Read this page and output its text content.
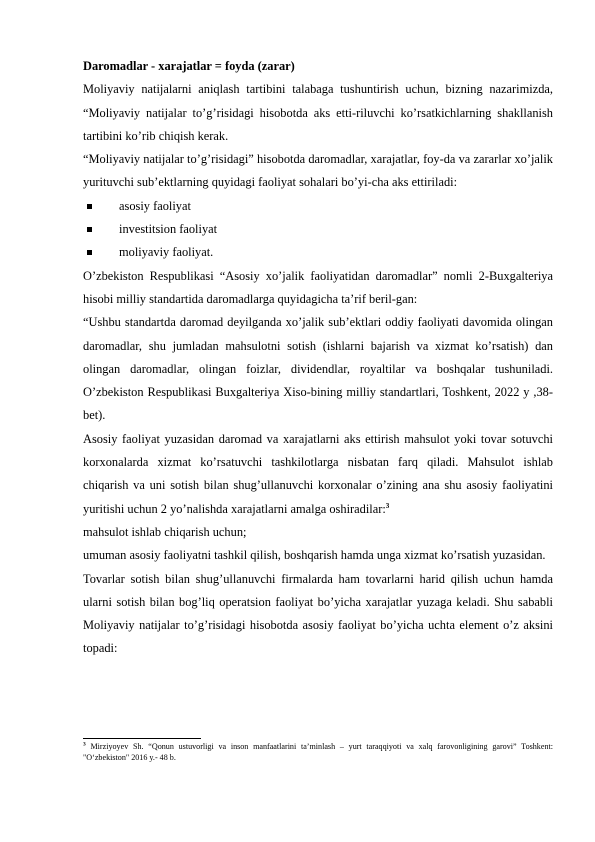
Daromadlar - xarajatlar = foyda (zarar)

Moliyaviy natijalarni aniqlash tartibini talabaga tushuntirish uchun, bizning nazarimizda, “Moliyaviy natijalar to’g’risidagi hisobotda aks etti-riluvchi ko’rsatkichlarning shakllanish tartibini ko’rib chiqish kerak.

“Moliyaviy natijalar to’g’risidagi” hisobotda daromadlar, xarajatlar, foy-da va zararlar xo’jalik yurituvchi sub’ektlarning quyidagi faoliyat sohalari bo’yi-cha aks ettiriladi:

asosiy faoliyat
investitsion faoliyat
moliyaviy faoliyat.

O’zbekiston Respublikasi “Asosiy xo’jalik faoliyatidan daromadlar” nomli 2-Buxgalteriya hisobi milliy standartida daromadlarga quyidagicha ta’rif beril-gan:

“Ushbu standartda daromad deyilganda xo’jalik sub’ektlari oddiy faoliyati davomida olingan daromadlar, shu jumladan mahsulotni sotish (ishlarni bajarish va xizmat ko’rsatish) dan olingan daromadlar, olingan foizlar, dividendlar, royaltilar va boshqalar tushuniladi. O’zbekiston Respublikasi Buxgalteriya Xiso-bining milliy standartlari, Toshkent, 2022 y ,38-bet).

Asosiy faoliyat yuzasidan daromad va xarajatlarni aks ettirish mahsulot yoki tovar sotuvchi korxonalarda xizmat ko’rsatuvchi tashkilotlarga nisbatan farq qiladi. Mahsulot ishlab chiqarish va uni sotish bilan shug’ullanuvchi korxonalar o’zining ana shu asosiy faoliyatini yuritishi uchun 2 yo’nalishda xarajatlarni amalga oshiradilar:$^3$

mahsulot ishlab chiqarish uchun;

umuman asosiy faoliyatni tashkil qilish, boshqarish hamda unga xizmat ko’rsatish yuzasidan.

Tovarlar sotish bilan shug’ullanuvchi firmalarda ham tovarlarni harid qilish uchun hamda ularni sotish bilan bog’liq operatsion faoliyat bo’yicha xarajatlar yuzaga keladi. Shu sababli Moliyaviy natijalar to’g’risidagi hisobotda asosiy faoliyat bo’yicha uchta element o’z aksini topadi:

$^3$ Mirziyoyev Sh. “Qonun ustuvorligi va inson manfaatlarini ta’minlash – yurt taraqqiyoti va xalq farovonligining garovi” Toshkent: "O‘zbekiston" 2016 y.- 48 b.
